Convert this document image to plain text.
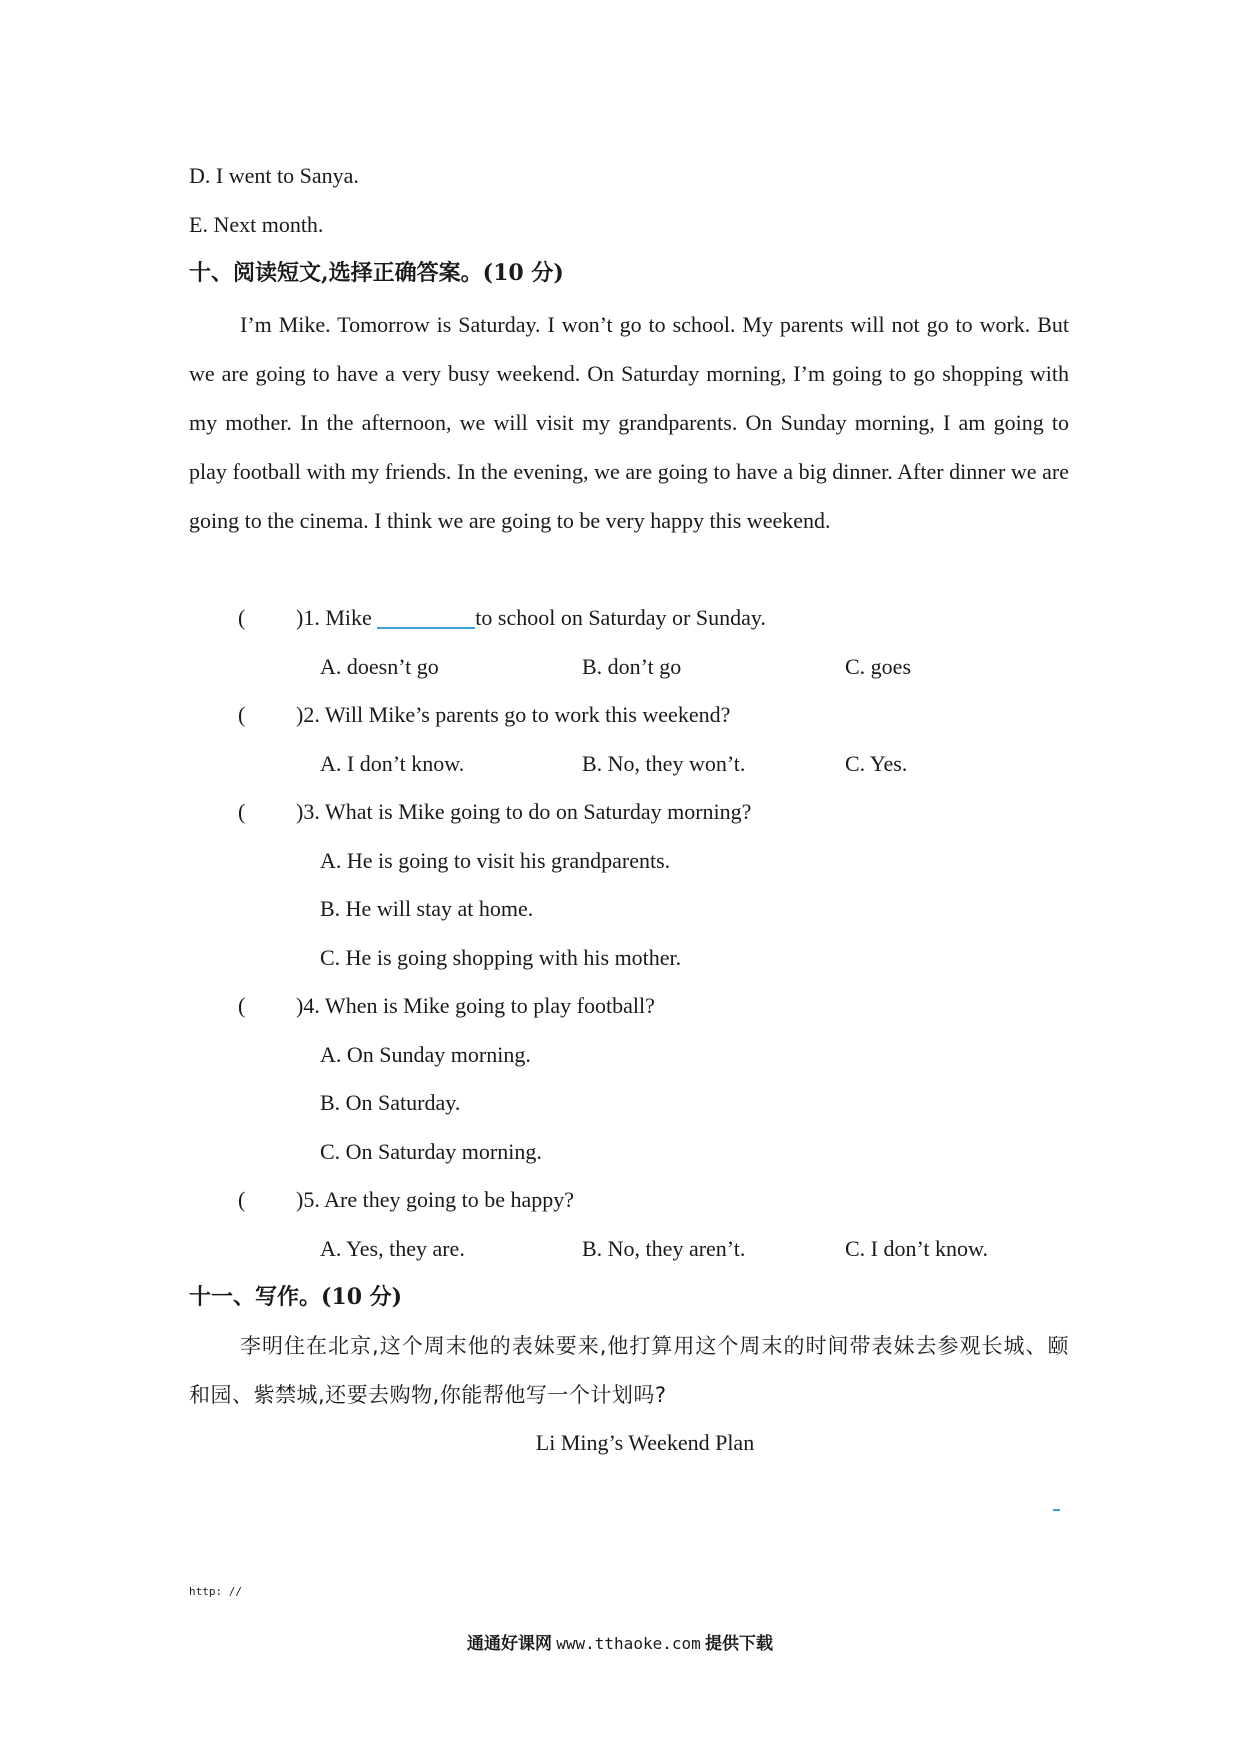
D. I went to Sanya.
E. Next month.
十、阅读短文,选择正确答案。(10 分)
I’m Mike. Tomorrow is Saturday. I won’t go to school. My parents will not go to work. But we are going to have a very busy weekend. On Saturday morning, I’m going to go shopping with my mother. In the afternoon, we will visit my grandparents. On Sunday morning, I am going to play football with my friends. In the evening, we are going to have a big dinner. After dinner we are going to the cinema. I think we are going to be very happy this weekend.
( )1. Mike	to school on Saturday or Sunday.
A. doesn’t go	B. don’t go	C. goes
( )2. Will Mike’s parents go to work this weekend?
A. I don’t know.	B. No, they won’t.	C. Yes.
( )3. What is Mike going to do on Saturday morning?
A. He is going to visit his grandparents.
B. He will stay at home.
C. He is going shopping with his mother.
( )4. When is Mike going to play football?
A. On Sunday morning.
B. On Saturday.
C. On Saturday morning.
( )5. Are they going to be happy?
A. Yes, they are.	B. No, they aren’t.	C. I don’t know.
十一、写作。(10 分)
李明住在北京,这个周末他的表妹要来,他打算用这个周末的时间带表妹去参观长城、颐和园、紫禁城,还要去购物,你能帮他写一个计划吗?
Li Ming’s Weekend Plan
http: //
通通好课网 www.tthaoke.com 提供下载
